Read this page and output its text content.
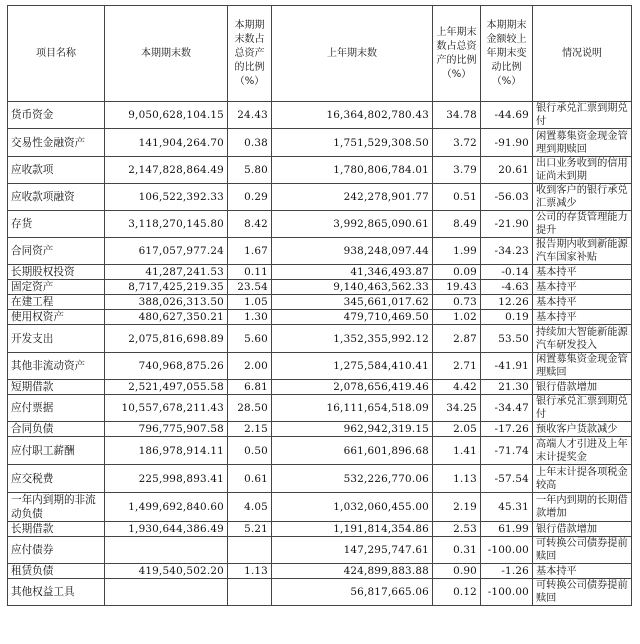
项目名称	本期期末数	本期期末数占总资产的比例（%）	上年期末数	上年期末数占总资产的比例（%）	本期期末金额较上年期末变动比例（%）	情况说明
货币资金	9,050,628,104.15	24.43	16,364,802,780.43	34.78	-44.69	银行承兑汇票到期兑付
交易性金融资产	141,904,264.70	0.38	1,751,529,308.50	3.72	-91.90	闲置募集资金现金管理到期赎回
应收款项	2,147,828,864.49	5.80	1,780,806,784.01	3.79	20.61	出口业务收到的信用证尚未到期
应收款项融资	106,522,392.33	0.29	242,278,901.77	0.51	-56.03	收到客户的银行承兑汇票减少
存货	3,118,270,145.80	8.42	3,992,865,090.61	8.49	-21.90	公司的存货管理能力提升
合同资产	617,057,977.24	1.67	938,248,097.44	1.99	-34.23	报告期内收到新能源汽车国家补贴
长期股权投资	41,287,241.53	0.11	41,346,493.87	0.09	-0.14	基本持平
固定资产	8,717,425,219.35	23.54	9,140,463,562.33	19.43	-4.63	基本持平
在建工程	388,026,313.50	1.05	345,661,017.62	0.73	12.26	基本持平
使用权资产	480,627,350.21	1.30	479,710,469.50	1.02	0.19	基本持平
开发支出	2,075,816,698.89	5.60	1,352,355,992.12	2.87	53.50	持续加大智能新能源汽车研发投入
其他非流动资产	740,968,875.26	2.00	1,275,584,410.41	2.71	-41.91	闲置募集资金现金管理赎回
短期借款	2,521,497,055.58	6.81	2,078,656,419.46	4.42	21.30	银行借款增加
应付票据	10,557,678,211.43	28.50	16,111,654,518.09	34.25	-34.47	银行承兑汇票到期兑付
合同负债	796,775,907.58	2.15	962,942,319.15	2.05	-17.26	预收客户货款减少
应付职工薪酬	186,978,914.11	0.50	661,601,896.68	1.41	-71.74	高端人才引进及上年末计提奖金
应交税费	225,998,893.41	0.61	532,226,770.06	1.13	-57.54	上年末计提各项税金较高
一年内到期的非流动负债	1,499,692,840.60	4.05	1,032,060,455.00	2.19	45.31	一年内到期的长期借款增加
长期借款	1,930,644,386.49	5.21	1,191,814,354.86	2.53	61.99	银行借款增加
应付债券			147,295,747.61	0.31	-100.00	可转换公司债券提前赎回
租赁负债	419,540,502.20	1.13	424,899,883.88	0.90	-1.26	基本持平
其他权益工具			56,817,665.06	0.12	-100.00	可转换公司债券提前赎回
